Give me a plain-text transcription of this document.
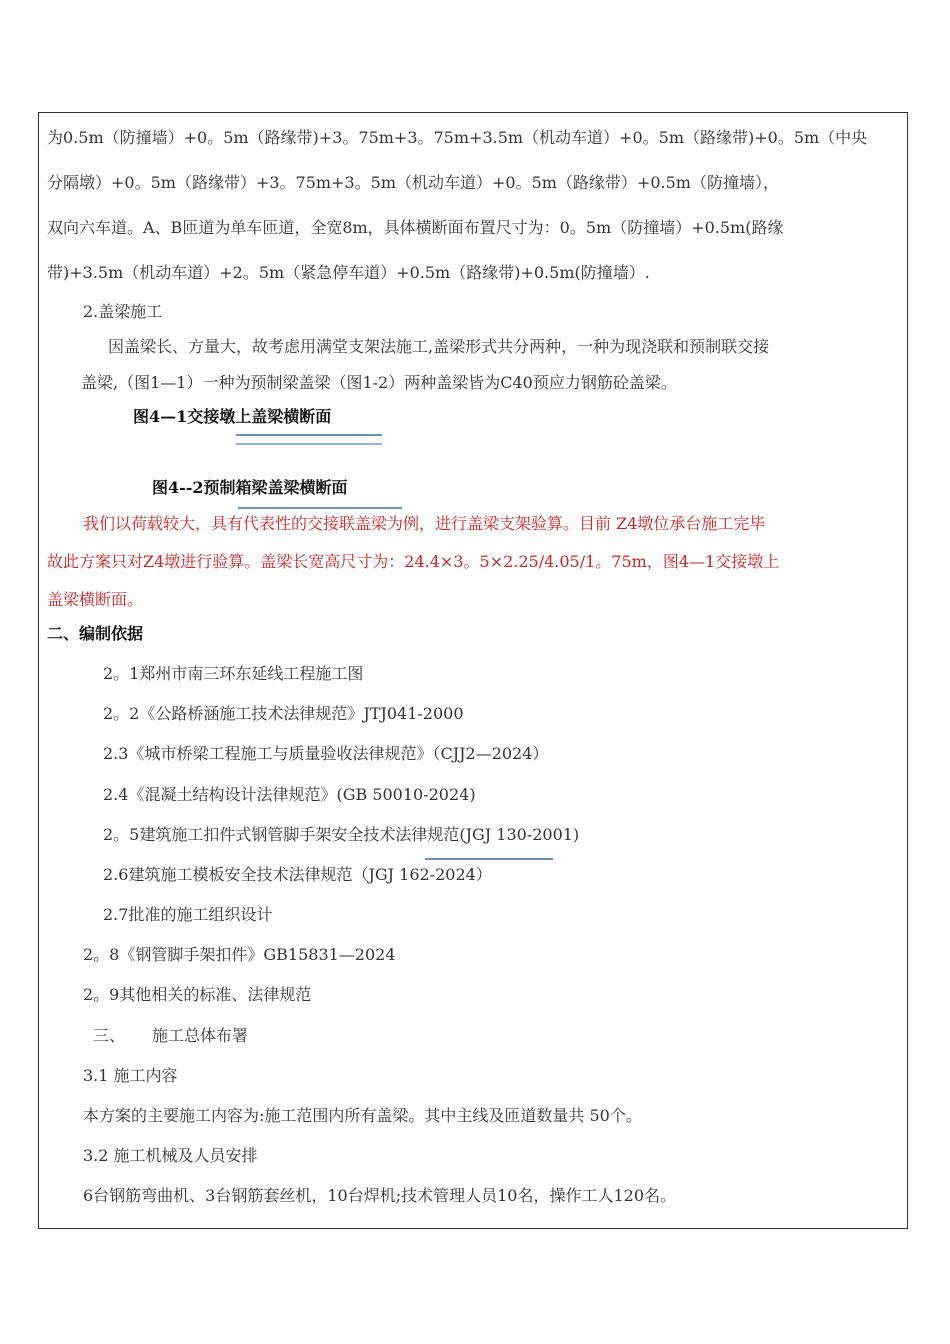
为0.5m（防撞墙）+0。5m（路缘带)+3。75m+3。75m+3.5m（机动车道）+0。5m（路缘带)+0。5m（中央
分隔墩）+0。5m（路缘带）+3。75m+3。5m（机动车道）+0。5m（路缘带）+0.5m（防撞墙），
双向六车道。A、B匝道为单车匝道，全宽8m，具体横断面布置尺寸为：0。5m（防撞墙）+0.5m(路缘
带)+3.5m（机动车道）+2。5m（紧急停车道）+0.5m（路缘带)+0.5m(防撞墙）.
2.盖梁施工
因盖梁长、方量大，故考虑用满堂支架法施工,盖梁形式共分两种，一种为现浇联和预制联交接
盖梁,（图1—1）一种为预制梁盖梁（图1-2）两种盖梁皆为C40预应力钢筋砼盖梁。
图4—1交接墩上盖梁横断面
图4--2预制箱梁盖梁横断面
我们以荷载较大，具有代表性的交接联盖梁为例，进行盖梁支架验算。目前 Z4墩位承台施工完毕
故此方案只对Z4墩进行验算。盖梁长宽高尺寸为：24.4×3。5×2.25/4.05/1。75m，图4—1交接墩上
盖梁横断面。
二、编制依据
2。1郑州市南三环东延线工程施工图
2。2《公路桥涵施工技术法律规范》JTJ041-2000
2.3《城市桥梁工程施工与质量验收法律规范》（CJJ2—2024）
2.4《混凝土结构设计法律规范》(GB 50010-2024)
2。5建筑施工扣件式钢管脚手架安全技术法律规范(JGJ 130-2001)
2.6建筑施工模板安全技术法律规范（JGJ 162-2024）
2.7批准的施工组织设计
2。8《钢管脚手架扣件》GB15831—2024
2。9其他相关的标准、法律规范
三、 施工总体布署
3.1 施工内容
本方案的主要施工内容为:施工范围内所有盖梁。其中主线及匝道数量共 50个。
3.2 施工机械及人员安排
6台钢筋弯曲机、3台钢筋套丝机，10台焊机;技术管理人员10名，操作工人120名。
